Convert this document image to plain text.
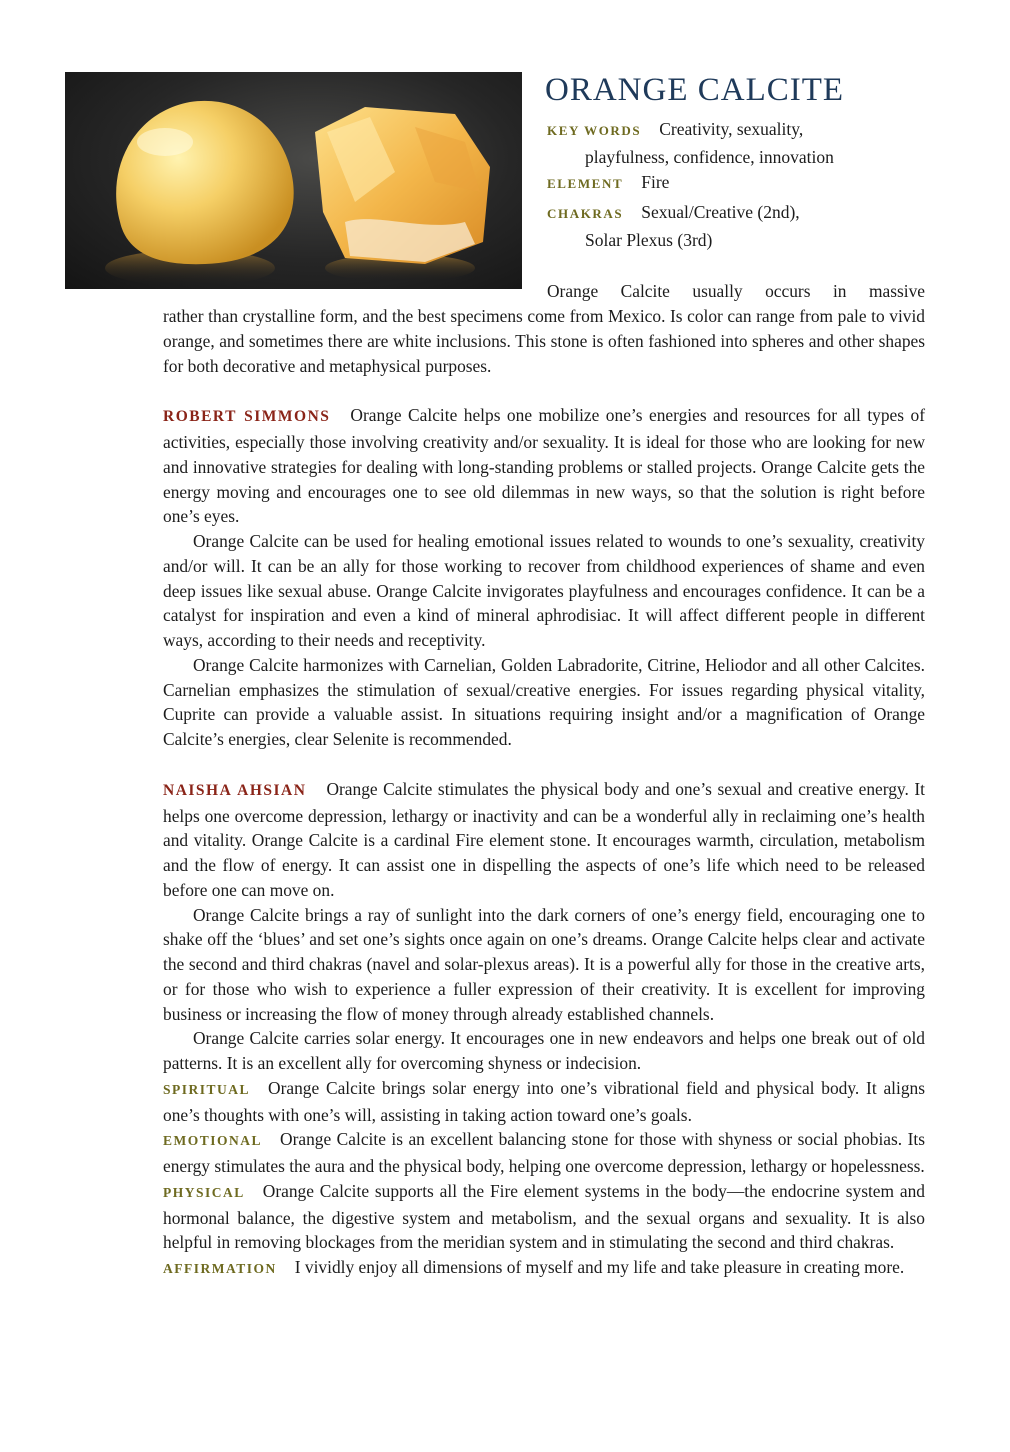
ORANGE CALCITE
KEY WORDS Creativity, sexuality,
playfulness, confidence, innovation
ELEMENT Fire
CHAKRAS Sexual/Creative (2nd),
Solar Plexus (3rd)
Orange Calcite usually occurs in massive

rather than crystalline form, and the best specimens come from Mexico. Is color can range from pale to vivid orange, and sometimes there are white inclusions. This stone is often fashioned into spheres and other shapes for both decorative and metaphysical purposes.

ROBERT SIMMONS Orange Calcite helps one mobilize one’s energies and resources for all types of activities, especially those involving creativity and/or sexuality. It is ideal for those who are looking for new and innovative strategies for dealing with long-standing problems or stalled projects. Orange Calcite gets the energy moving and encourages one to see old dilemmas in new ways, so that the solution is right before one’s eyes.

Orange Calcite can be used for healing emotional issues related to wounds to one’s sexuality, creativity and/or will. It can be an ally for those working to recover from childhood experiences of shame and even deep issues like sexual abuse. Orange Calcite invigorates playfulness and encourages confidence. It can be a catalyst for inspiration and even a kind of mineral aphrodisiac. It will affect different people in different ways, according to their needs and receptivity.

Orange Calcite harmonizes with Carnelian, Golden Labradorite, Citrine, Heliodor and all other Calcites. Carnelian emphasizes the stimulation of sexual/creative energies. For issues regarding physical vitality, Cuprite can provide a valuable assist. In situations requiring insight and/or a magnification of Orange Calcite’s energies, clear Selenite is recommended.

NAISHA AHSIAN Orange Calcite stimulates the physical body and one’s sexual and creative energy. It helps one overcome depression, lethargy or inactivity and can be a wonderful ally in reclaiming one’s health and vitality. Orange Calcite is a cardinal Fire element stone. It encourages warmth, circulation, metabolism and the flow of energy. It can assist one in dispelling the aspects of one’s life which need to be released before one can move on.

Orange Calcite brings a ray of sunlight into the dark corners of one’s energy field, encouraging one to shake off the ‘blues’ and set one’s sights once again on one’s dreams. Orange Calcite helps clear and activate the second and third chakras (navel and solar-plexus areas). It is a powerful ally for those in the creative arts, or for those who wish to experience a fuller expression of their creativity. It is excellent for improving business or increasing the flow of money through already established channels.

Orange Calcite carries solar energy. It encourages one in new endeavors and helps one break out of old patterns. It is an excellent ally for overcoming shyness or indecision.

SPIRITUAL Orange Calcite brings solar energy into one’s vibrational field and physical body. It aligns one’s thoughts with one’s will, assisting in taking action toward one’s goals.

EMOTIONAL Orange Calcite is an excellent balancing stone for those with shyness or social phobias. Its energy stimulates the aura and the physical body, helping one overcome depression, lethargy or hopelessness.

PHYSICAL Orange Calcite supports all the Fire element systems in the body—the endocrine system and hormonal balance, the digestive system and metabolism, and the sexual organs and sexuality. It is also helpful in removing blockages from the meridian system and in stimulating the second and third chakras.

AFFIRMATION I vividly enjoy all dimensions of myself and my life and take pleasure in creating more.
